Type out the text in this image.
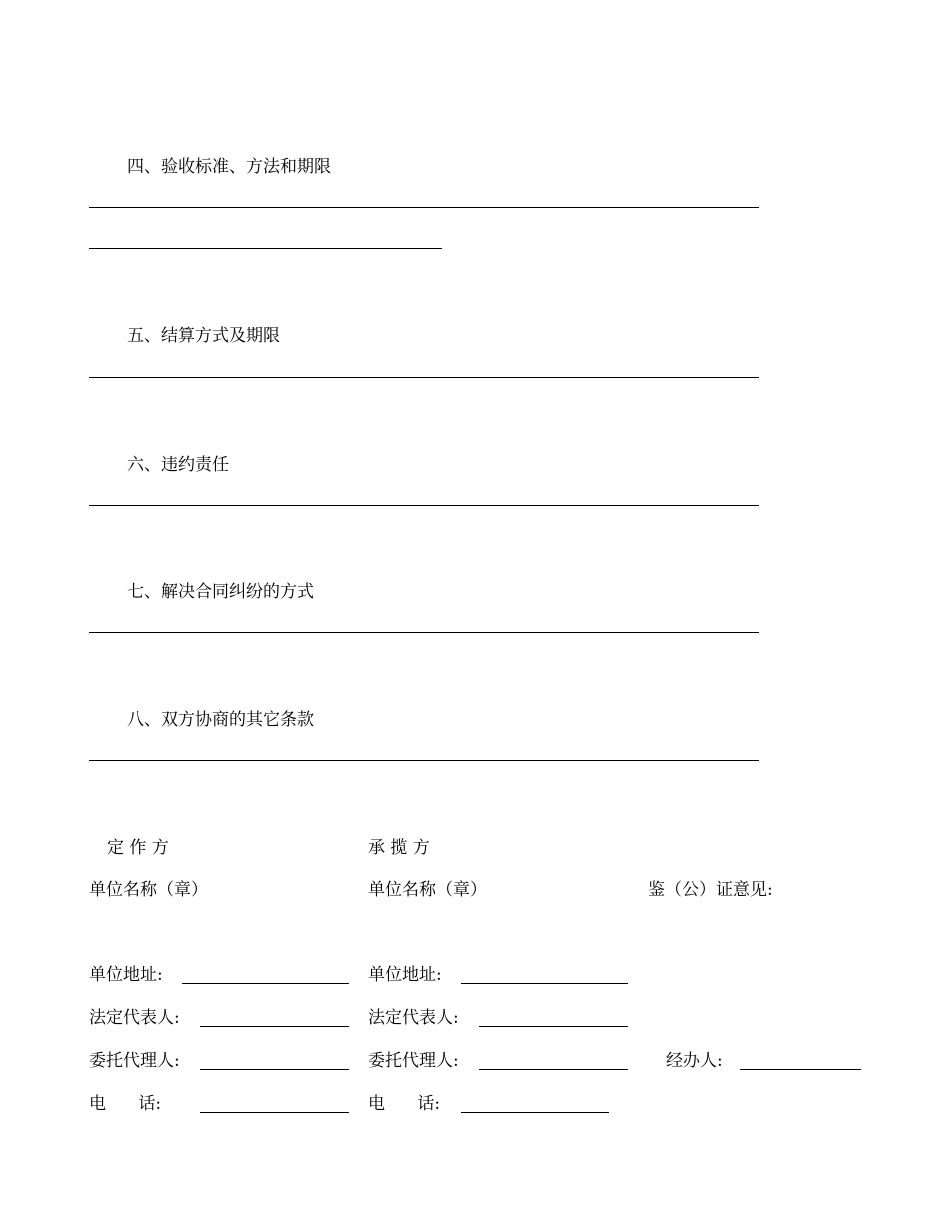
四、验收标准、方法和期限
五、结算方式及期限
六、违约责任
七、解决合同纠纷的方式
八、双方协商的其它条款
定 作 方	承 揽 方
单位名称（章）	单位名称（章）	鉴（公）证意见:
单位地址:	单位地址:
法定代表人:	法定代表人:
委托代理人:	委托代理人:	经办人:
电      话:	电      话:
